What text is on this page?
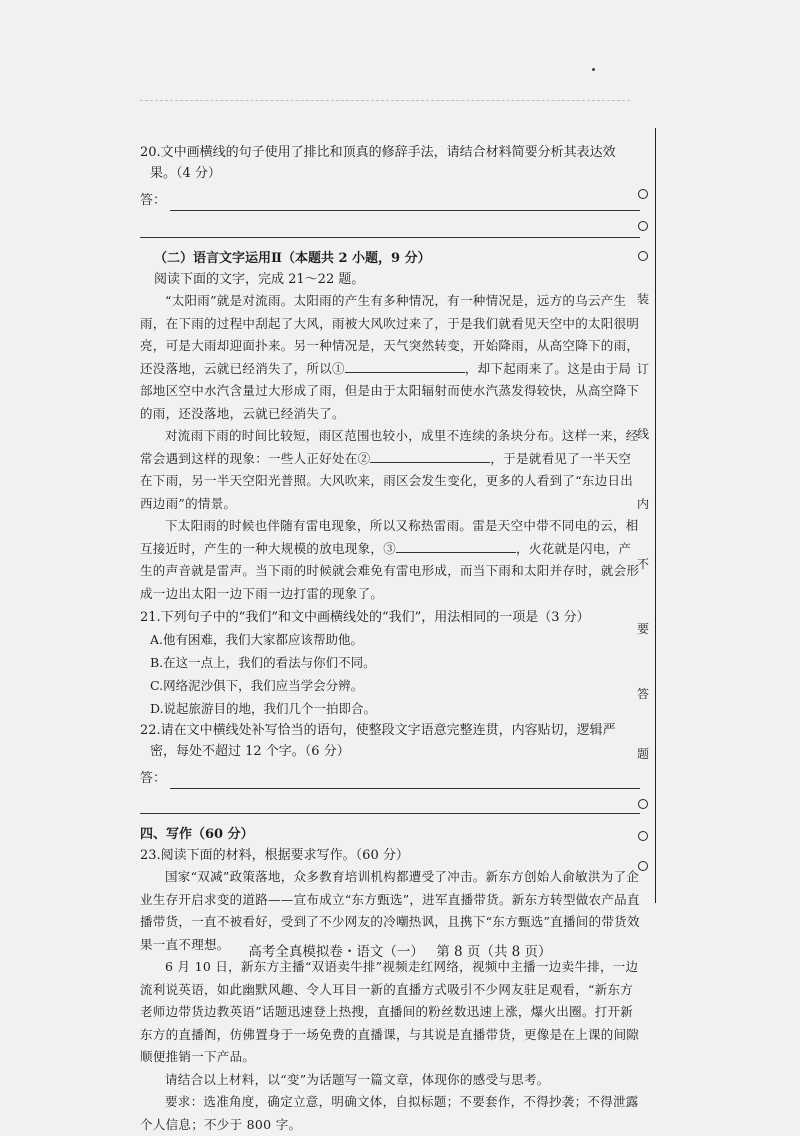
20.文中画横线的句子使用了排比和顶真的修辞手法，请结合材料简要分析其表达效果。（4 分）

答：

（二）语言文字运用Ⅱ（本题共 2 小题，9 分）

阅读下面的文字，完成 21～22 题。

“太阳雨”就是对流雨。太阳雨的产生有多种情况，有一种情况是，远方的乌云产生雨，在下雨的过程中刮起了大风，雨被大风吹过来了，于是我们就看见天空中的太阳很明亮，可是大雨却迎面扑来。另一种情况是，天气突然转变，开始降雨，从高空降下的雨，还没落地，云就已经消失了，所以①	，却下起雨来了。这是由于局部地区空中水汽含量过大形成了雨，但是由于太阳辐射而使水汽蒸发得较快，从高空降下的雨，还没落地，云就已经消失了。

对流雨下雨的时间比较短，雨区范围也较小，成里不连续的条块分布。这样一来，经常会遇到这样的现象：一些人正好处在②	，于是就看见了一半天空在下雨，另一半天空阳光普照。大风吹来，雨区会发生变化，更多的人看到了“东边日出西边雨”的情景。

下太阳雨的时候也伴随有雷电现象，所以又称热雷雨。雷是天空中带不同电的云，相互接近时，产生的一种大规模的放电现象，③	，火花就是闪电，产生的声音就是雷声。当下雨的时候就会难免有雷电形成，而当下雨和太阳并存时，就会形成一边出太阳一边下雨一边打雷的现象了。

21.下列句子中的“我们”和文中画横线处的“我们”，用法相同的一项是（3 分）

A.他有困难，我们大家都应该帮助他。

B.在这一点上，我们的看法与你们不同。

C.网络泥沙俱下，我们应当学会分辨。

D.说起旅游目的地，我们几个一拍即合。

22.请在文中横线处补写恰当的语句，使整段文字语意完整连贯，内容贴切，逻辑严密，每处不超过 12 个字。（6 分）

答：

四、写作（60 分）

23.阅读下面的材料，根据要求写作。（60 分）

国家“双减”政策落地，众多教育培训机构都遭受了冲击。新东方创始人俞敏洪为了企业生存开启求变的道路——宣布成立“东方甄选”，进军直播带货。新东方转型做农产品直播带货，一直不被看好，受到了不少网友的冷嘲热讽，且携下“东方甄选”直播间的带货效果一直不理想。

6 月 10 日，新东方主播“双语卖牛排”视频走红网络，视频中主播一边卖牛排，一边流利说英语，如此幽默风趣、令人耳目一新的直播方式吸引不少网友驻足观看，“新东方老师边带货边教英语”话题迅速登上热搜，直播间的粉丝数迅速上涨，爆火出圈。打开新东方的直播间，仿佛置身于一场免费的直播课，与其说是直播带货，更像是在上课的间隙顺便推销一下产品。

请结合以上材料，以“变”为话题写一篇文章，体现你的感受与思考。

要求：选准角度，确定立意，明确文体，自拟标题；不要套作，不得抄袭；不得泄露个人信息；不少于 800 字。

装
订
线
内
不
要
答
题
高考全真模拟卷・语文（一） 第 8 页（共 8 页）
